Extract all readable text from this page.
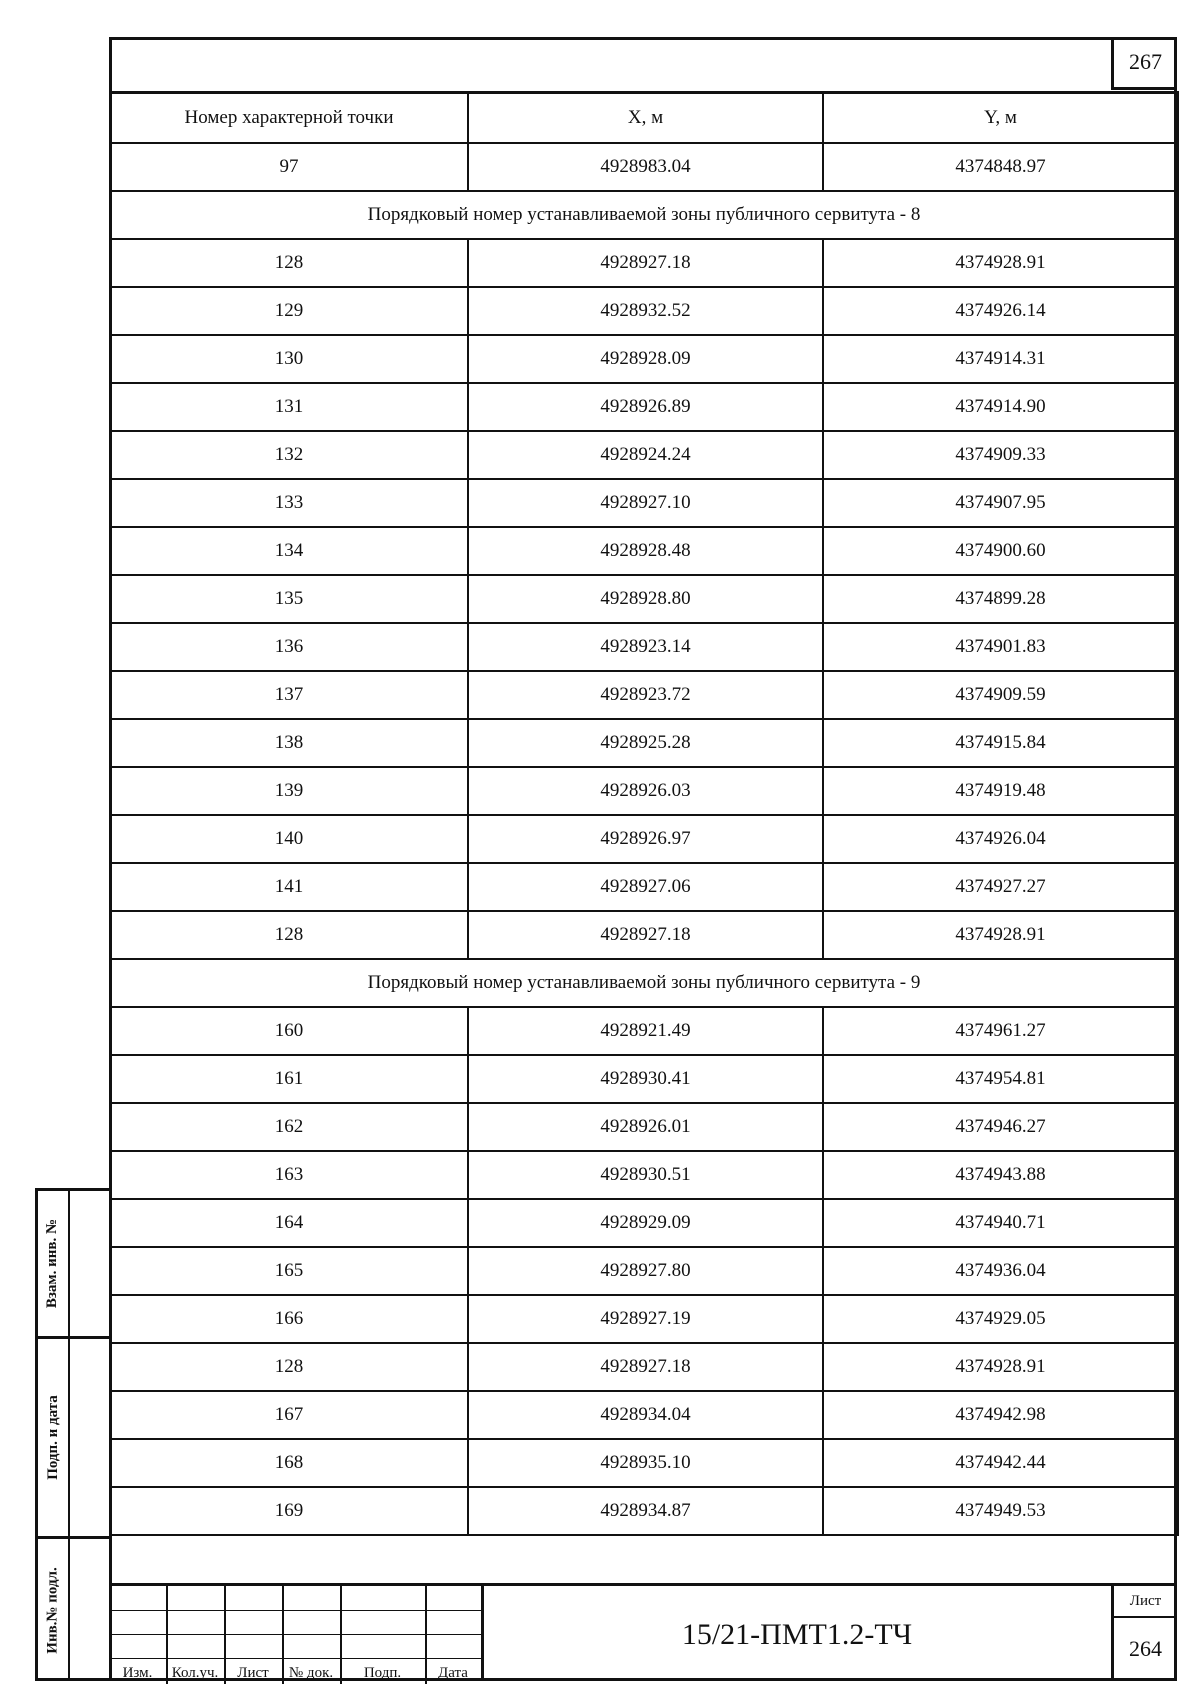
267
Номер характерной точки	X, м	Y, м
97	4928983.04	4374848.97
Порядковый номер устанавливаемой зоны публичного сервитута - 8		
128	4928927.18	4374928.91
129	4928932.52	4374926.14
130	4928928.09	4374914.31
131	4928926.89	4374914.90
132	4928924.24	4374909.33
133	4928927.10	4374907.95
134	4928928.48	4374900.60
135	4928928.80	4374899.28
136	4928923.14	4374901.83
137	4928923.72	4374909.59
138	4928925.28	4374915.84
139	4928926.03	4374919.48
140	4928926.97	4374926.04
141	4928927.06	4374927.27
128	4928927.18	4374928.91
Порядковый номер устанавливаемой зоны публичного сервитута - 9		
160	4928921.49	4374961.27
161	4928930.41	4374954.81
162	4928926.01	4374946.27
163	4928930.51	4374943.88
164	4928929.09	4374940.71
165	4928927.80	4374936.04
166	4928927.19	4374929.05
128	4928927.18	4374928.91
167	4928934.04	4374942.98
168	4928935.10	4374942.44
169	4928934.87	4374949.53
Взам. инв. №
Подп. и дата
Инв.№ подл.
Изм.	Кол.уч.	Лист	№ док.	Подп.	Дата
15/21-ПМТ1.2-ТЧ
Лист
264
